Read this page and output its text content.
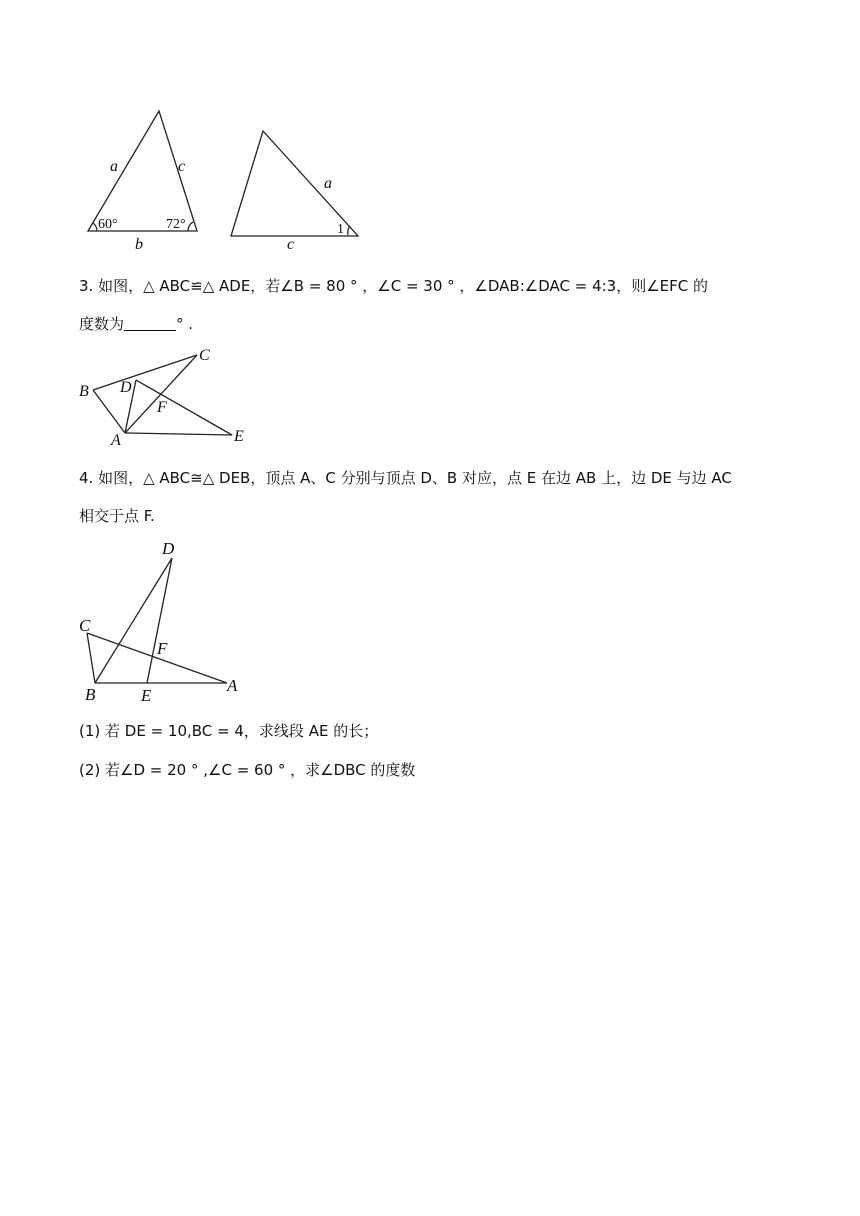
a	c
b
60°	72°
a
c
1
3. 如图，△ ABC≌△ ADE，若∠B = 80 ° ，∠C = 30 ° ，∠DAB:∠DAC = 4:3，则∠EFC 的
度数为	° .
B
C
D
F
A	E
4. 如图，△ ABC≅△ DEB，顶点 A、C 分别与顶点 D、B 对应，点 E 在边 AB 上，边 DE 与边 AC
相交于点 F.
D
C
F
B	E
A
(1) 若 DE = 10,BC = 4，求线段 AE 的长；
(2) 若∠D = 20 ° ,∠C = 60 ° ，求∠DBC 的度数
